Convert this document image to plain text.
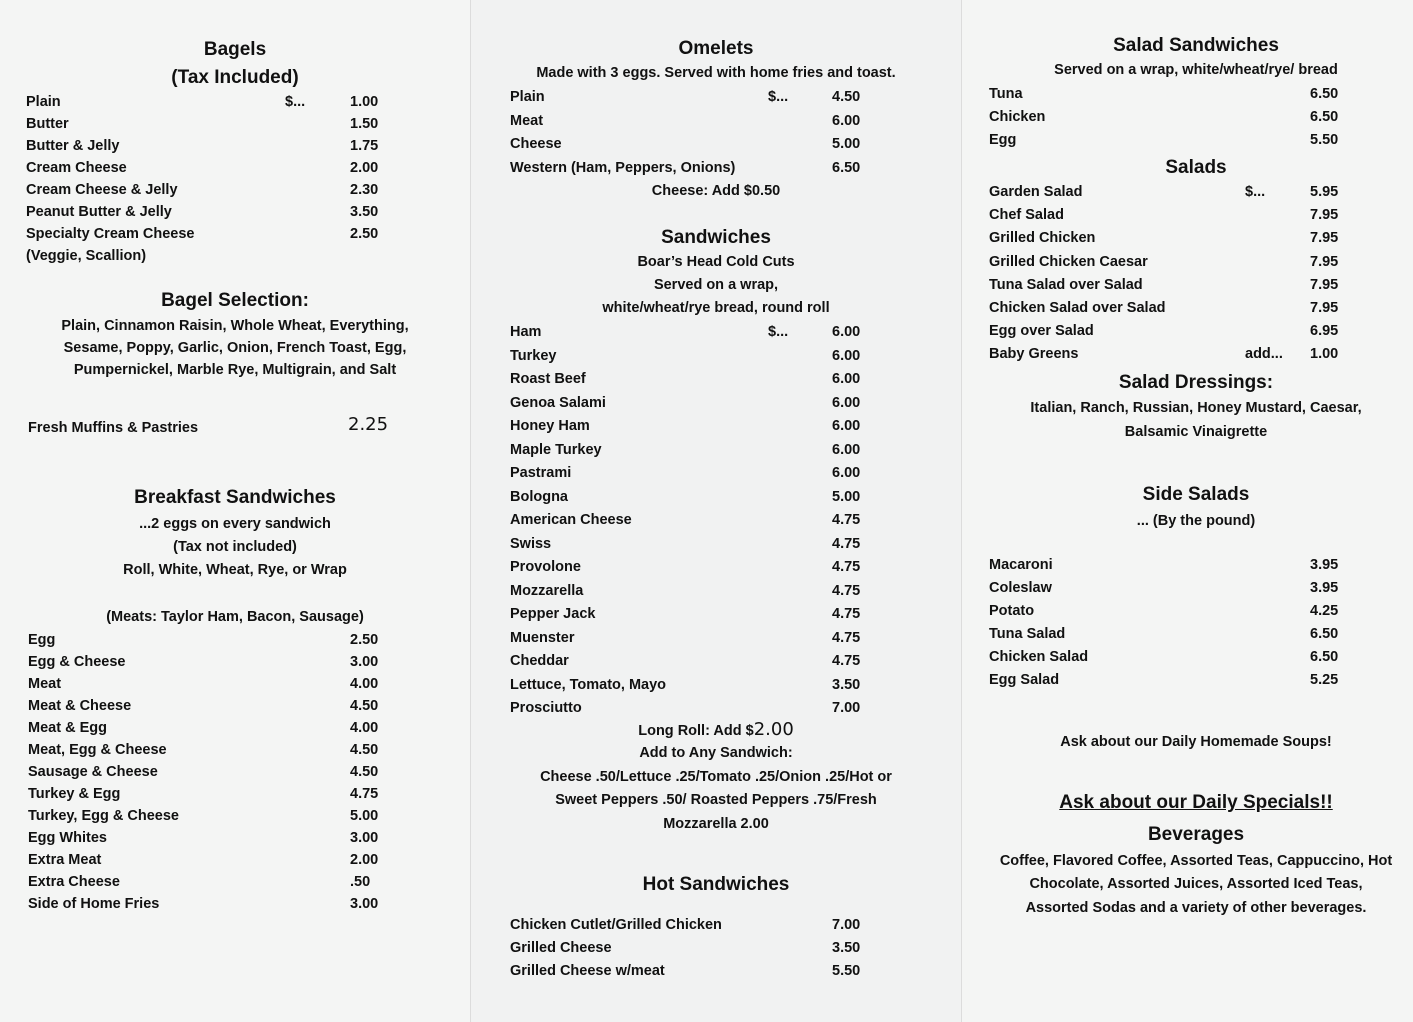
Bagels
(Tax Included)
$...
Plain	1.00
Butter	1.50
Butter & Jelly	1.75
Cream Cheese	2.00
Cream Cheese & Jelly	2.30
Peanut Butter & Jelly	3.50
Specialty Cream Cheese	2.50
(Veggie, Scallion)
Bagel Selection:
Plain, Cinnamon Raisin, Whole Wheat, Everything,
Sesame, Poppy, Garlic, Onion, French Toast, Egg,
Pumpernickel, Marble Rye, Multigrain, and Salt
Fresh Muffins & Pastries	2.25
Breakfast Sandwiches
...2 eggs on every sandwich
(Tax not included)
Roll, White, Wheat, Rye, or Wrap
(Meats: Taylor Ham, Bacon, Sausage)
Egg	2.50
Egg & Cheese	3.00
Meat	4.00
Meat & Cheese	4.50
Meat & Egg	4.00
Meat, Egg & Cheese	4.50
Sausage & Cheese	4.50
Turkey & Egg	4.75
Turkey, Egg & Cheese	5.00
Egg Whites	3.00
Extra Meat	2.00
Extra Cheese	.50
Side of Home Fries	3.00
Omelets
Made with 3 eggs. Served with home fries and toast.
$...
Plain	4.50
Meat	6.00
Cheese	5.00
Western (Ham, Peppers, Onions)	6.50
Cheese: Add $0.50
Sandwiches
Boar’s Head Cold Cuts
Served on a wrap,
white/wheat/rye bread, round roll
$...
Ham	6.00
Turkey	6.00
Roast Beef	6.00
Genoa Salami	6.00
Honey Ham	6.00
Maple Turkey	6.00
Pastrami	6.00
Bologna	5.00
American Cheese	4.75
Swiss	4.75
Provolone	4.75
Mozzarella	4.75
Pepper Jack	4.75
Muenster	4.75
Cheddar	4.75
Lettuce, Tomato, Mayo	3.50
Prosciutto	7.00
Long Roll: Add $2.00
Add to Any Sandwich:
Cheese .50/Lettuce .25/Tomato .25/Onion .25/Hot or
Sweet Peppers .50/ Roasted Peppers .75/Fresh
Mozzarella 2.00
Hot Sandwiches
Chicken Cutlet/Grilled Chicken	7.00
Grilled Cheese	3.50
Grilled Cheese w/meat	5.50
Salad Sandwiches
Served on a wrap, white/wheat/rye/ bread
Tuna	6.50
Chicken	6.50
Egg	5.50
Salads
$...
add...
Garden Salad	5.95
Chef Salad	7.95
Grilled Chicken	7.95
Grilled Chicken Caesar	7.95
Tuna Salad over Salad	7.95
Chicken Salad over Salad	7.95
Egg over Salad	6.95
Baby Greens	1.00
Salad Dressings:
Italian, Ranch, Russian, Honey Mustard, Caesar,
Balsamic Vinaigrette
Side Salads
... (By the pound)
Macaroni	3.95
Coleslaw	3.95
Potato	4.25
Tuna Salad	6.50
Chicken Salad	6.50
Egg Salad	5.25
Ask about our Daily Homemade Soups!
Ask about our Daily Specials!!
Beverages
Coffee, Flavored Coffee, Assorted Teas, Cappuccino, Hot
Chocolate, Assorted Juices, Assorted Iced Teas,
Assorted Sodas and a variety of other beverages.
